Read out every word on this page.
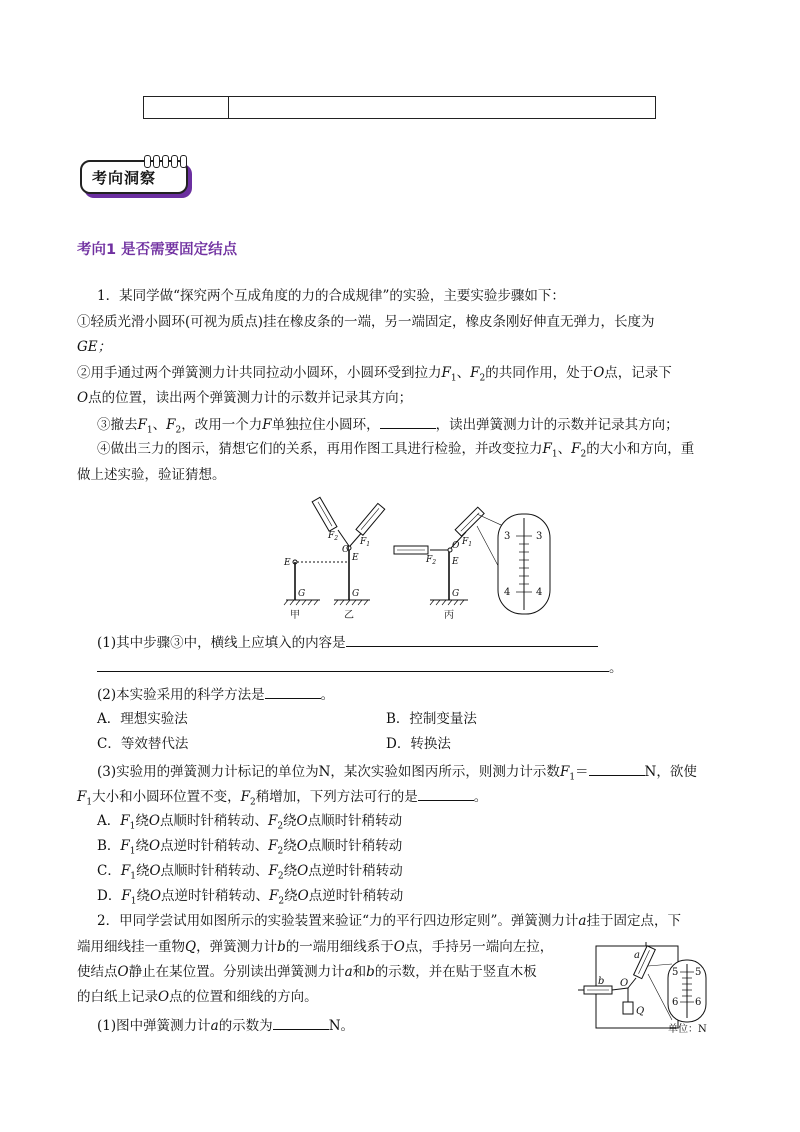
考向洞察
考向1 是否需要固定结点
1．某同学做“探究两个互成角度的力的合成规律”的实验，主要实验步骤如下：
①轻质光滑小圆环(可视为质点)挂在橡皮条的一端，另一端固定，橡皮条刚好伸直无弹力，长度为
GE；
②用手通过两个弹簧测力计共同拉动小圆环，小圆环受到拉力$F_1$、$F_2$的共同作用，处于O点，记录下
O点的位置，读出两个弹簧测力计的示数并记录其方向；
③撤去$F_1$、$F_2$，改用一个力F单独拉住小圆环，	，读出弹簧测力计的示数并记录其方向；
④做出三力的图示，猜想它们的关系，再用作图工具进行检验，并改变拉力$F_1$、$F_2$的大小和方向，重
做上述实验，验证猜想。
E
G
E
G
O
$F_2$ $F_1$
E
G
O
$F_2$
$F_1$
3	3
4	4
甲	乙	丙
(1)其中步骤③中，横线上应填入的内容是
。
(2)本实验采用的科学方法是	。
A．理想实验法	B．控制变量法
C．等效替代法	D．转换法
(3)实验用的弹簧测力计标记的单位为N，某次实验如图丙所示，则测力计示数$F_1=$	N，欲使
$F_1$大小和小圆环位置不变，$F_2$稍增加，下列方法可行的是	。
A．$F_1$绕O点顺时针稍转动、$F_2$绕O点顺时针稍转动
B．$F_1$绕O点逆时针稍转动、$F_2$绕O点顺时针稍转动
C．$F_1$绕O点顺时针稍转动、$F_2$绕O点逆时针稍转动
D．$F_1$绕O点逆时针稍转动、$F_2$绕O点逆时针稍转动
2．甲同学尝试用如图所示的实验装置来验证“力的平行四边形定则”。弹簧测力计a挂于固定点，下
端用细线挂一重物Q，弹簧测力计b的一端用细线系于O点，手持另一端向左拉，
使结点O静止在某位置。分别读出弹簧测力计a和b的示数，并在贴于竖直木板
的白纸上记录O点的位置和细线的方向。
(1)图中弹簧测力计a的示数为	N。
a
b O
Q
5 5
6 6
单位：N
